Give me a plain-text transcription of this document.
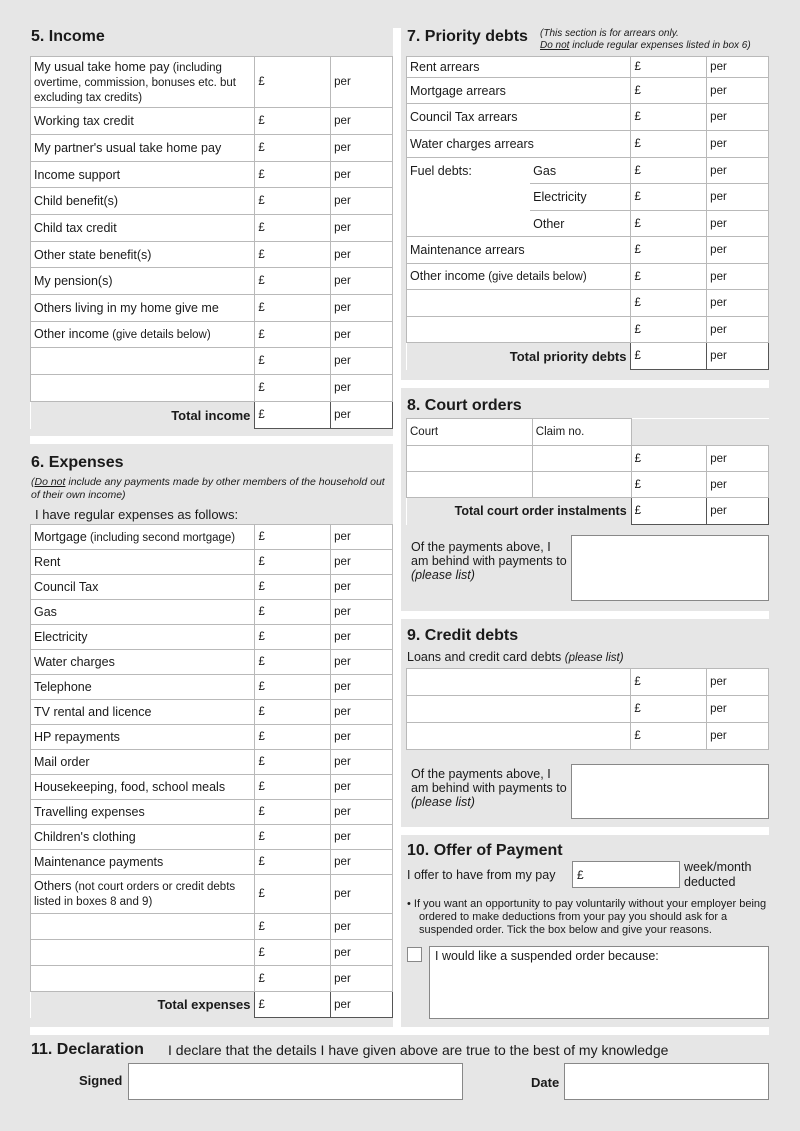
5. Income
My usual take home pay (including overtime, commission, bonuses etc. but excluding tax credits)	£	per
Working tax credit	£	per
My partner's usual take home pay	£	per
Income support	£	per
Child benefit(s)	£	per
Child tax credit	£	per
Other state benefit(s)	£	per
My pension(s)	£	per
Others living in my home give me	£	per
Other income (give details below)	£	per
	£	per
	£	per
Total income	£	per
6. Expenses
(Do not include any payments made by other members of the household out of their own income)
I have regular expenses as follows:
Mortgage (including second mortgage)	£	per
Rent	£	per
Council Tax	£	per
Gas	£	per
Electricity	£	per
Water charges	£	per
Telephone	£	per
TV rental and licence	£	per
HP repayments	£	per
Mail order	£	per
Housekeeping, food, school meals	£	per
Travelling expenses	£	per
Children's clothing	£	per
Maintenance payments	£	per
Others (not court orders or credit debts listed in boxes 8 and 9)	£	per
	£	per
	£	per
	£	per
Total expenses	£	per
7. Priority debts (This section is for arrears only.
Do not include regular expenses listed in box 6)
Rent arrears		£	per
Mortgage arrears		£	per
Council Tax arrears		£	per
Water charges arrears		£	per
Fuel debts:	Gas	£	per
	Electricity	£	per
	Other	£	per
Maintenance arrears		£	per
Other income (give details below)		£	per
		£	per
		£	per
Total priority debts		£	per
8. Court orders
Court	Claim no.		
		£	per
		£	per
Total court order instalments		£	per
Of the payments above, I am behind with payments to (please list)
9. Credit debts
Loans and credit card debts (please list)
	£	per
	£	per
	£	per
Of the payments above, I am behind with payments to (please list)
10. Offer of Payment
I offer to have from my pay	£
week/month deducted
• If you want an opportunity to pay voluntarily without your employer being ordered to make deductions from your pay you should ask for a suspended order. Tick the box below and give your reasons.
I would like a suspended order because:
11. Declaration I declare that the details I have given above are true to the best of my knowledge
Signed	Date
